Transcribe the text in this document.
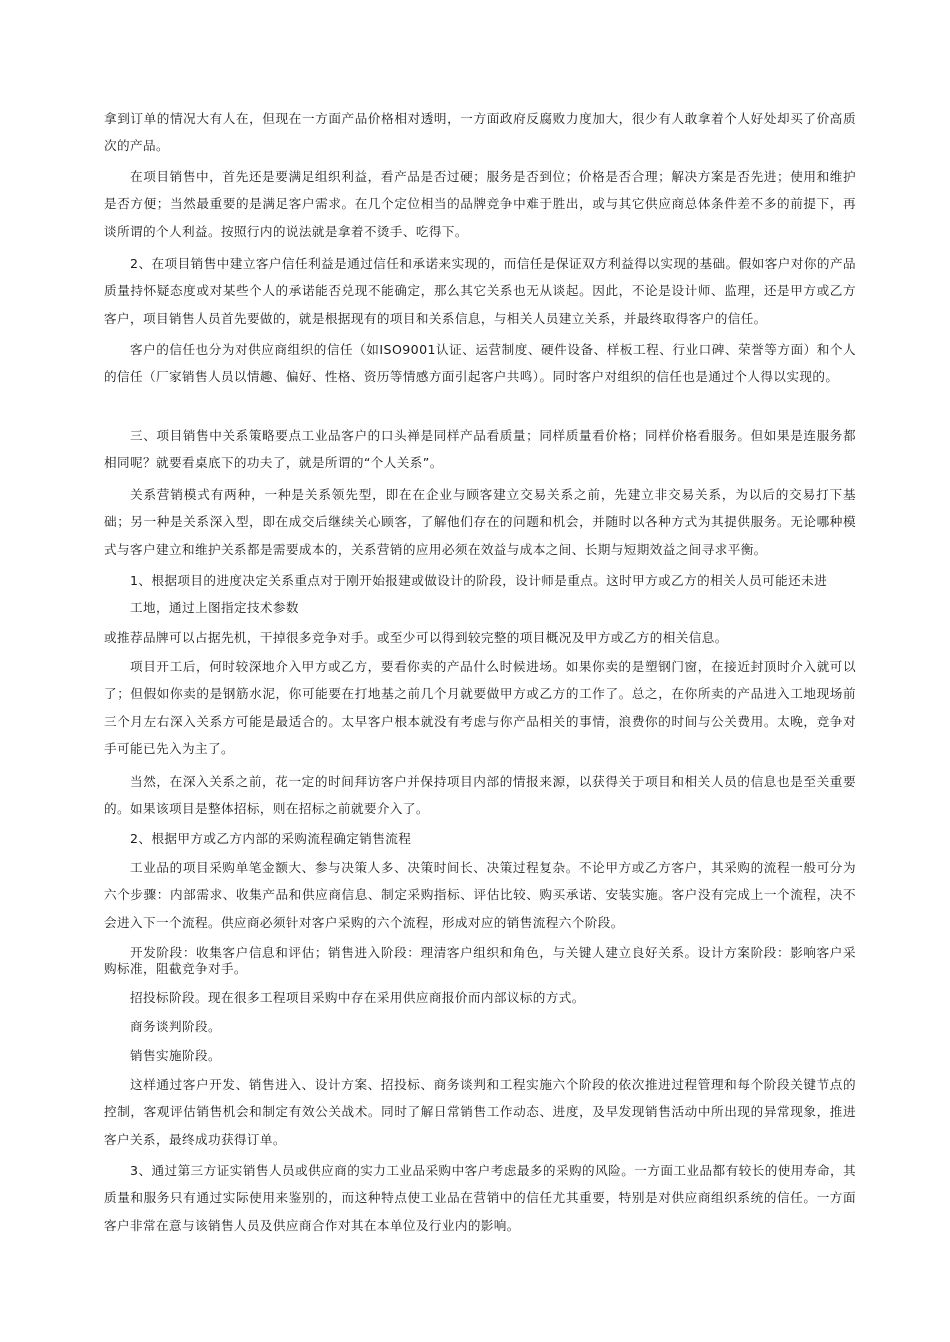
拿到订单的情况大有人在，但现在一方面产品价格相对透明，一方面政府反腐败力度加大，很少有人敢拿着个人好处却买了价高质次的产品。

在项目销售中，首先还是要满足组织利益，看产品是否过硬；服务是否到位；价格是否合理；解决方案是否先进；使用和维护是否方便；当然最重要的是满足客户需求。在几个定位相当的品牌竞争中难于胜出，或与其它供应商总体条件差不多的前提下，再谈所谓的个人利益。按照行内的说法就是拿着不烫手、吃得下。

2、在项目销售中建立客户信任利益是通过信任和承诺来实现的，而信任是保证双方利益得以实现的基础。假如客户对你的产品质量持怀疑态度或对某些个人的承诺能否兑现不能确定，那么其它关系也无从谈起。因此，不论是设计师、监理，还是甲方或乙方客户，项目销售人员首先要做的，就是根据现有的项目和关系信息，与相关人员建立关系，并最终取得客户的信任。

客户的信任也分为对供应商组织的信任（如ISO9001认证、运营制度、硬件设备、样板工程、行业口碑、荣誉等方面）和个人的信任（厂家销售人员以情趣、偏好、性格、资历等情感方面引起客户共鸣）。同时客户对组织的信任也是通过个人得以实现的。

三、项目销售中关系策略要点工业品客户的口头禅是同样产品看质量；同样质量看价格；同样价格看服务。但如果是连服务都相同呢？就要看桌底下的功夫了，就是所谓的“个人关系”。

关系营销模式有两种，一种是关系领先型，即在在企业与顾客建立交易关系之前，先建立非交易关系，为以后的交易打下基础；另一种是关系深入型，即在成交后继续关心顾客，了解他们存在的问题和机会，并随时以各种方式为其提供服务。无论哪种模式与客户建立和维护关系都是需要成本的，关系营销的应用必须在效益与成本之间、长期与短期效益之间寻求平衡。

1、根据项目的进度决定关系重点对于刚开始报建或做设计的阶段，设计师是重点。这时甲方或乙方的相关人员可能还未进

工地，通过上图指定技术参数

或推荐品牌可以占据先机，干掉很多竞争对手。或至少可以得到较完整的项目概况及甲方或乙方的相关信息。

项目开工后，何时较深地介入甲方或乙方，要看你卖的产品什么时候进场。如果你卖的是塑钢门窗，在接近封顶时介入就可以了；但假如你卖的是钢筋水泥，你可能要在打地基之前几个月就要做甲方或乙方的工作了。总之，在你所卖的产品进入工地现场前三个月左右深入关系方可能是最适合的。太早客户根本就没有考虑与你产品相关的事情，浪费你的时间与公关费用。太晚，竞争对手可能已先入为主了。

当然，在深入关系之前，花一定的时间拜访客户并保持项目内部的情报来源，以获得关于项目和相关人员的信息也是至关重要的。如果该项目是整体招标，则在招标之前就要介入了。

2、根据甲方或乙方内部的采购流程确定销售流程

工业品的项目采购单笔金额大、参与决策人多、决策时间长、决策过程复杂。不论甲方或乙方客户，其采购的流程一般可分为六个步骤：内部需求、收集产品和供应商信息、制定采购指标、评估比较、购买承诺、安装实施。客户没有完成上一个流程，决不会进入下一个流程。供应商必须针对客户采购的六个流程，形成对应的销售流程六个阶段。

开发阶段：收集客户信息和评估；销售进入阶段：理清客户组织和角色，与关键人建立良好关系。设计方案阶段：影响客户采购标准，阻截竞争对手。

招投标阶段。现在很多工程项目采购中存在采用供应商报价而内部议标的方式。

商务谈判阶段。

销售实施阶段。

这样通过客户开发、销售进入、设计方案、招投标、商务谈判和工程实施六个阶段的依次推进过程管理和每个阶段关键节点的控制，客观评估销售机会和制定有效公关战术。同时了解日常销售工作动态、进度，及早发现销售活动中所出现的异常现象，推进客户关系，最终成功获得订单。

3、通过第三方证实销售人员或供应商的实力工业品采购中客户考虑最多的采购的风险。一方面工业品都有较长的使用寿命，其质量和服务只有通过实际使用来鉴别的，而这种特点使工业品在营销中的信任尤其重要，特别是对供应商组织系统的信任。一方面客户非常在意与该销售人员及供应商合作对其在本单位及行业内的影响。
